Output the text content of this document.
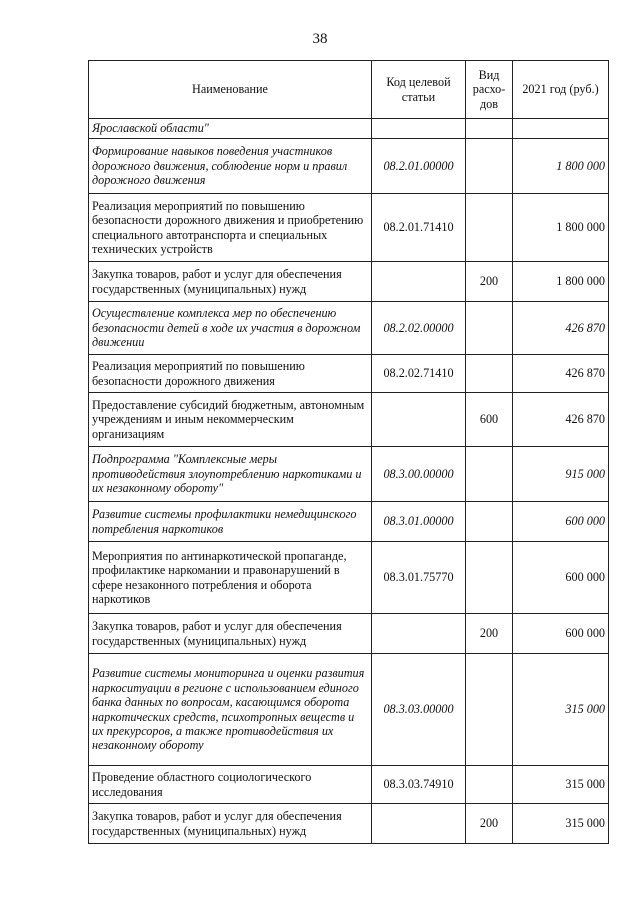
38
Наименование	Код целевой статьи	Вид расхо-дов	2021 год (руб.)
Ярославской области"			
Формирование навыков поведения участников дорожного движения, соблюдение норм и правил дорожного движения	08.2.01.00000		1 800 000
Реализация мероприятий по повышению безопасности дорожного движения и приобретению специального автотранспорта и специальных технических устройств	08.2.01.71410		1 800 000
Закупка товаров, работ и услуг для обеспечения государственных (муниципальных) нужд		200	1 800 000
Осуществление комплекса мер по обеспечению безопасности детей в ходе их участия в дорожном движении	08.2.02.00000		426 870
Реализация мероприятий по повышению безопасности дорожного движения	08.2.02.71410		426 870
Предоставление субсидий бюджетным, автономным учреждениям и иным некоммерческим организациям		600	426 870
Подпрограмма "Комплексные меры противодействия злоупотреблению наркотиками и их незаконному обороту"	08.3.00.00000		915 000
Развитие системы профилактики немедицинского потребления наркотиков	08.3.01.00000		600 000
Мероприятия по антинаркотической пропаганде, профилактике наркомании и правонарушений в сфере незаконного потребления и оборота наркотиков	08.3.01.75770		600 000
Закупка товаров, работ и услуг для обеспечения государственных (муниципальных) нужд		200	600 000
Развитие системы мониторинга и оценки развития наркоситуации в регионе с использованием единого банка данных по вопросам, касающимся оборота наркотических средств, психотропных веществ и их прекурсоров, а также противодействия их незаконному обороту	08.3.03.00000		315 000
Проведение областного социологического исследования	08.3.03.74910		315 000
Закупка товаров, работ и услуг для обеспечения государственных (муниципальных) нужд		200	315 000
